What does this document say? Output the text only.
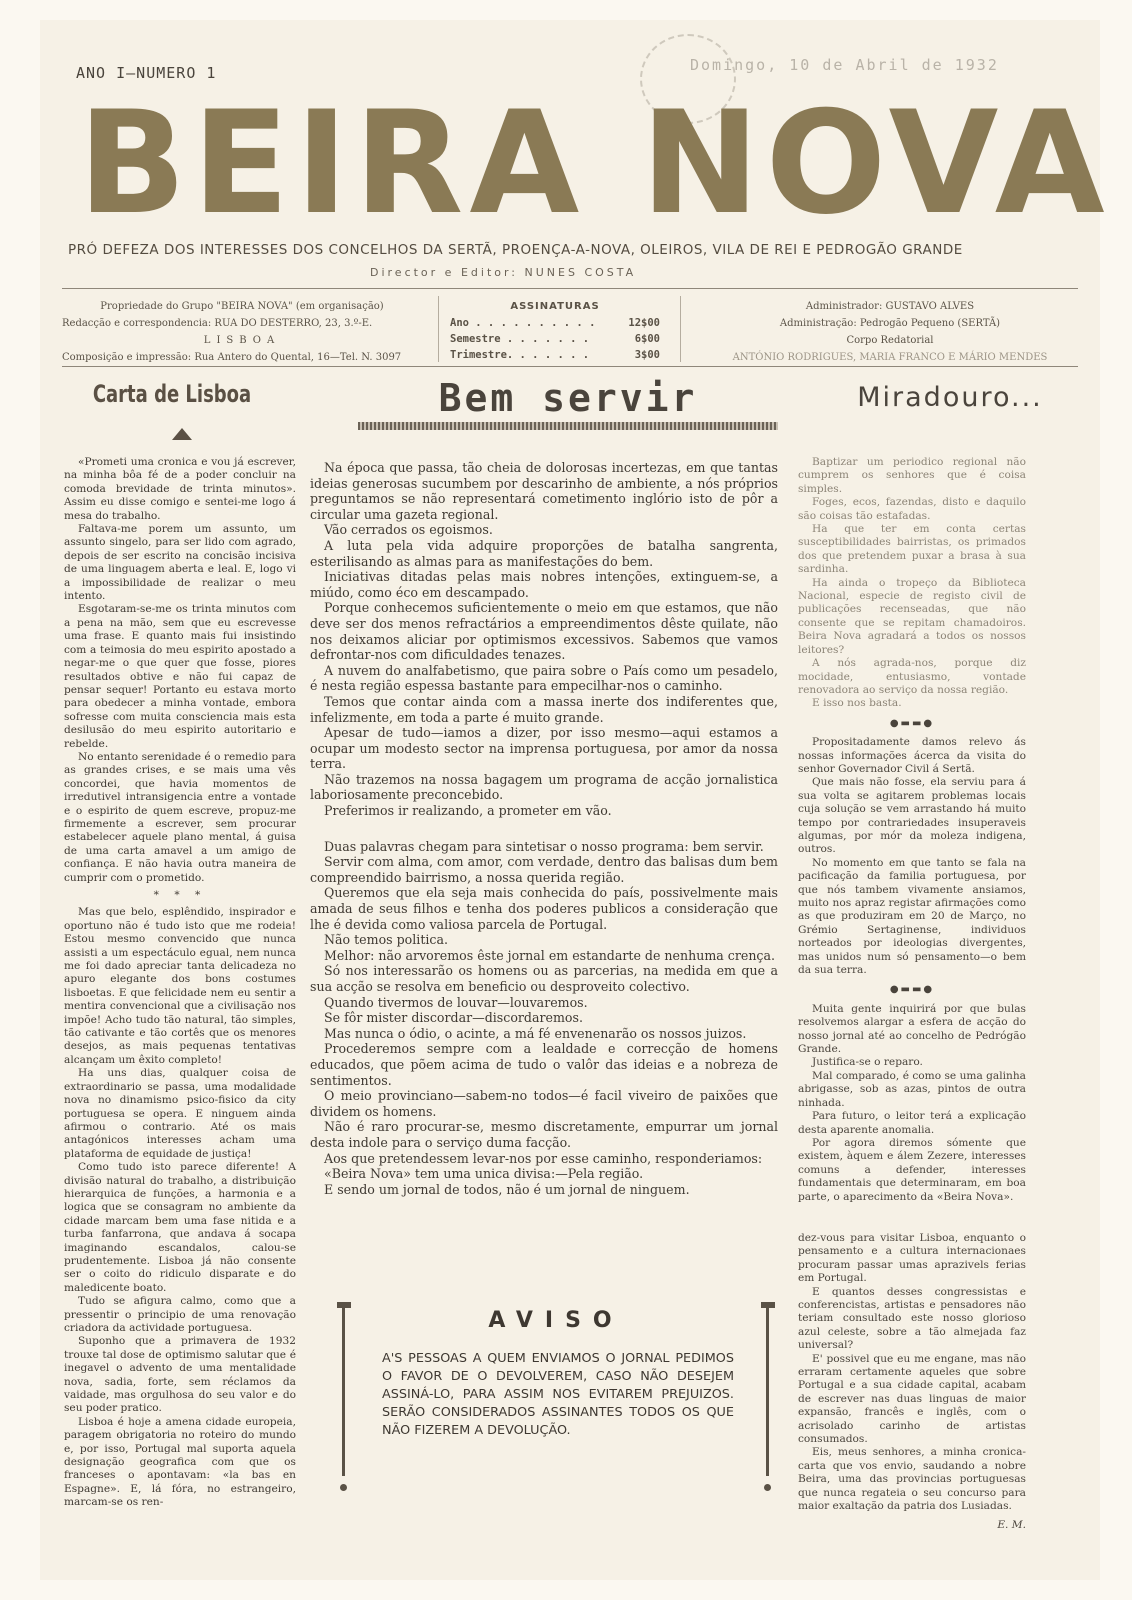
ANO I—NUMERO 1	Domingo, 10 de Abril de 1932
BEIRA NOVA
PRÓ DEFEZA DOS INTERESSES DOS CONCELHOS DA SERTÃ, PROENÇA-A-NOVA, OLEIROS, VILA DE REI E PEDROGÃO GRANDE
Director e Editor: NUNES COSTA
Propriedade do Grupo "BEIRA NOVA" (em organisação)
Redacção e correspondencia: RUA DO DESTERRO, 23, 3.º-E.
LISBOA
Composição e impressão: Rua Antero do Quental, 16—Tel. N. 3097
ASSINATURAS
Ano . . . . . . . . . .	12$00
Semestre . . . . . . .	6$00
Trimestre. . . . . . .	3$00
Administrador: GUSTAVO ALVES
Administração: Pedrogão Pequeno (SERTÃ)
Corpo Redatorial
ANTÓNIO RODRIGUES, MARIA FRANCO E MÁRIO MENDES
Carta de Lisboa	Bem servir	Miradouro...

«Prometi uma cronica e vou já escrever, na minha bôa fé de a poder concluir na comoda brevidade de trinta minutos». Assim eu disse comigo e sentei-me logo á mesa do trabalho.

Faltava-me porem um assunto, um assunto singelo, para ser lido com agrado, depois de ser escrito na concisão incisiva de uma linguagem aberta e leal. E, logo vi a impossibilidade de realizar o meu intento.

Esgotaram-se-me os trinta minutos com a pena na mão, sem que eu escrevesse uma frase. E quanto mais fui insistindo com a teimosia do meu espirito apostado a negar-me o que quer que fosse, piores resultados obtive e não fui capaz de pensar sequer! Portanto eu estava morto para obedecer a minha vontade, embora sofresse com muita consciencia mais esta desilusão do meu espirito autoritario e rebelde.

No entanto serenidade é o remedio para as grandes crises, e se mais uma vês concordei, que havia momentos de irredutivel intransigencia entre a vontade e o espirito de quem escreve, propuz-me firmemente a escrever, sem procurar estabelecer aquele plano mental, á guisa de uma carta amavel a um amigo de confiança. E não havia outra maneira de cumprir com o prometido.

* * *

Mas que belo, esplêndido, inspirador e oportuno não é tudo isto que me rodeia! Estou mesmo convencido que nunca assisti a um espectáculo egual, nem nunca me foi dado apreciar tanta delicadeza no apuro elegante dos bons costumes lisboetas. E que felicidade nem eu sentir a mentira convencional que a civilisação nos impõe! Acho tudo tão natural, tão simples, tão cativante e tão cortês que os menores desejos, as mais pequenas tentativas alcançam um êxito completo!

Ha uns dias, qualquer coisa de extraordinario se passa, uma modalidade nova no dinamismo psico-fisico da city portuguesa se opera. E ninguem ainda afirmou o contrario. Até os mais antagónicos interesses acham uma plataforma de equidade de justiça!

Como tudo isto parece diferente! A divisão natural do trabalho, a distribuição hierarquica de funções, a harmonia e a logica que se consagram no ambiente da cidade marcam bem uma fase nitida e a turba fanfarrona, que andava á socapa imaginando escandalos, calou-se prudentemente. Lisboa já não consente ser o coito do ridiculo disparate e do maledicente boato.

Tudo se afigura calmo, como que a pressentir o principio de uma renovação criadora da actividade portuguesa.

Suponho que a primavera de 1932 trouxe tal dose de optimismo salutar que é inegavel o advento de uma mentalidade nova, sadia, forte, sem réclamos da vaidade, mas orgulhosa do seu valor e do seu poder pratico.

Lisboa é hoje a amena cidade europeia, paragem obrigatoria no roteiro do mundo e, por isso, Portugal mal suporta aquela designação geografica com que os franceses o apontavam: «la bas en Espagne». E, lá fóra, no estrangeiro, marcam-se os ren-

Na época que passa, tão cheia de dolorosas incertezas, em que tantas ideias generosas sucumbem por descarinho de ambiente, a nós próprios preguntamos se não representará cometimento inglório isto de pôr a circular uma gazeta regional.

Vão cerrados os egoismos.

A luta pela vida adquire proporções de batalha sangrenta, esterilisando as almas para as manifestações do bem.

Iniciativas ditadas pelas mais nobres intenções, extinguem-se, a miúdo, como éco em descampado.

Porque conhecemos suficientemente o meio em que estamos, que não deve ser dos menos refractários a empreendimentos dêste quilate, não nos deixamos aliciar por optimismos excessivos. Sabemos que vamos defrontar-nos com dificuldades tenazes.

A nuvem do analfabetismo, que paira sobre o País como um pesadelo, é nesta região espessa bastante para empecilhar-nos o caminho.

Temos que contar ainda com a massa inerte dos indiferentes que, infelizmente, em toda a parte é muito grande.

Apesar de tudo—iamos a dizer, por isso mesmo—aqui estamos a ocupar um modesto sector na imprensa portuguesa, por amor da nossa terra.

Não trazemos na nossa bagagem um programa de acção jornalistica laboriosamente preconcebido.

Preferimos ir realizando, a prometer em vão.

Duas palavras chegam para sintetisar o nosso programa: bem servir.

Servir com alma, com amor, com verdade, dentro das balisas dum bem compreendido bairrismo, a nossa querida região.

Queremos que ela seja mais conhecida do país, possivelmente mais amada de seus filhos e tenha dos poderes publicos a consideração que lhe é devida como valiosa parcela de Portugal.

Não temos politica.

Melhor: não arvoremos êste jornal em estandarte de nenhuma crença.

Só nos interessarão os homens ou as parcerias, na medida em que a sua acção se resolva em beneficio ou desproveito colectivo.

Quando tivermos de louvar—louvaremos.

Se fôr mister discordar—discordaremos.

Mas nunca o ódio, o acinte, a má fé envenenarão os nossos juizos.

Procederemos sempre com a lealdade e correcção de homens educados, que põem acima de tudo o valôr das ideias e a nobreza de sentimentos.

O meio provinciano—sabem-no todos—é facil viveiro de paixões que dividem os homens.

Não é raro procurar-se, mesmo discretamente, empurrar um jornal desta indole para o serviço duma facção.

Aos que pretendessem levar-nos por esse caminho, responderiamos:

«Beira Nova» tem uma unica divisa:—Pela região.

E sendo um jornal de todos, não é um jornal de ninguem.

Baptizar um periodico regional não cumprem os senhores que é coisa simples.

Foges, ecos, fazendas, disto e daquilo são coisas tão estafadas.

Ha que ter em conta certas susceptibilidades bairristas, os primados dos que pretendem puxar a brasa à sua sardinha.

Ha ainda o tropeço da Biblioteca Nacional, especie de registo civil de publicações recenseadas, que não consente que se repitam chamadoiros. Beira Nova agradará a todos os nossos leitores?

A nós agrada-nos, porque diz mocidade, entusiasmo, vontade renovadora ao serviço da nossa região.

E isso nos basta.

●▬▬●

Propositadamente damos relevo ás nossas informações ácerca da visita do senhor Governador Civil á Sertã.

Que mais não fosse, ela serviu para á sua volta se agitarem problemas locais cuja solução se vem arrastando há muito tempo por contrariedades insuperaveis algumas, por mór da moleza indigena, outros.

No momento em que tanto se fala na pacificação da familia portuguesa, por que nós tambem vivamente ansiamos, muito nos apraz registar afirmações como as que produziram em 20 de Março, no Grémio Sertaginense, individuos norteados por ideologias divergentes, mas unidos num só pensamento—o bem da sua terra.

●▬▬●

Muita gente inquirirá por que bulas resolvemos alargar a esfera de acção do nosso jornal até ao concelho de Pedrógão Grande.

Justifica-se o reparo.

Mal comparado, é como se uma galinha abrigasse, sob as azas, pintos de outra ninhada.

Para futuro, o leitor terá a explicação desta aparente anomalia.

Por agora diremos sómente que existem, àquem e álem Zezere, interesses comuns a defender, interesses fundamentais que determinaram, em boa parte, o aparecimento da «Beira Nova».

dez-vous para visitar Lisboa, enquanto o pensamento e a cultura internacionaes procuram passar umas aprazivels ferias em Portugal.

E quantos desses congressistas e conferencistas, artistas e pensadores não teriam consultado este nosso glorioso azul celeste, sobre a tão almejada faz universal?

E' possivel que eu me engane, mas não erraram certamente aqueles que sobre Portugal e a sua cidade capital, acabam de escrever nas duas linguas de maior expansão, francês e inglês, com o acrisolado carinho de artistas consumados.

Eis, meus senhores, a minha cronica-carta que vos envio, saudando a nobre Beira, uma das provincias portuguesas que nunca regateia o seu concurso para maior exaltação da patria dos Lusiadas.

E. M.

AVISO
A'S PESSOAS A QUEM ENVIAMOS O JORNAL PEDIMOS O FAVOR DE O DEVOLVEREM, CASO NÃO DESEJEM ASSINÁ-LO, PARA ASSIM NOS EVITAREM PREJUIZOS. SERÃO CONSIDERADOS ASSINANTES TODOS OS QUE NÃO FIZEREM A DEVOLUÇÃO.
